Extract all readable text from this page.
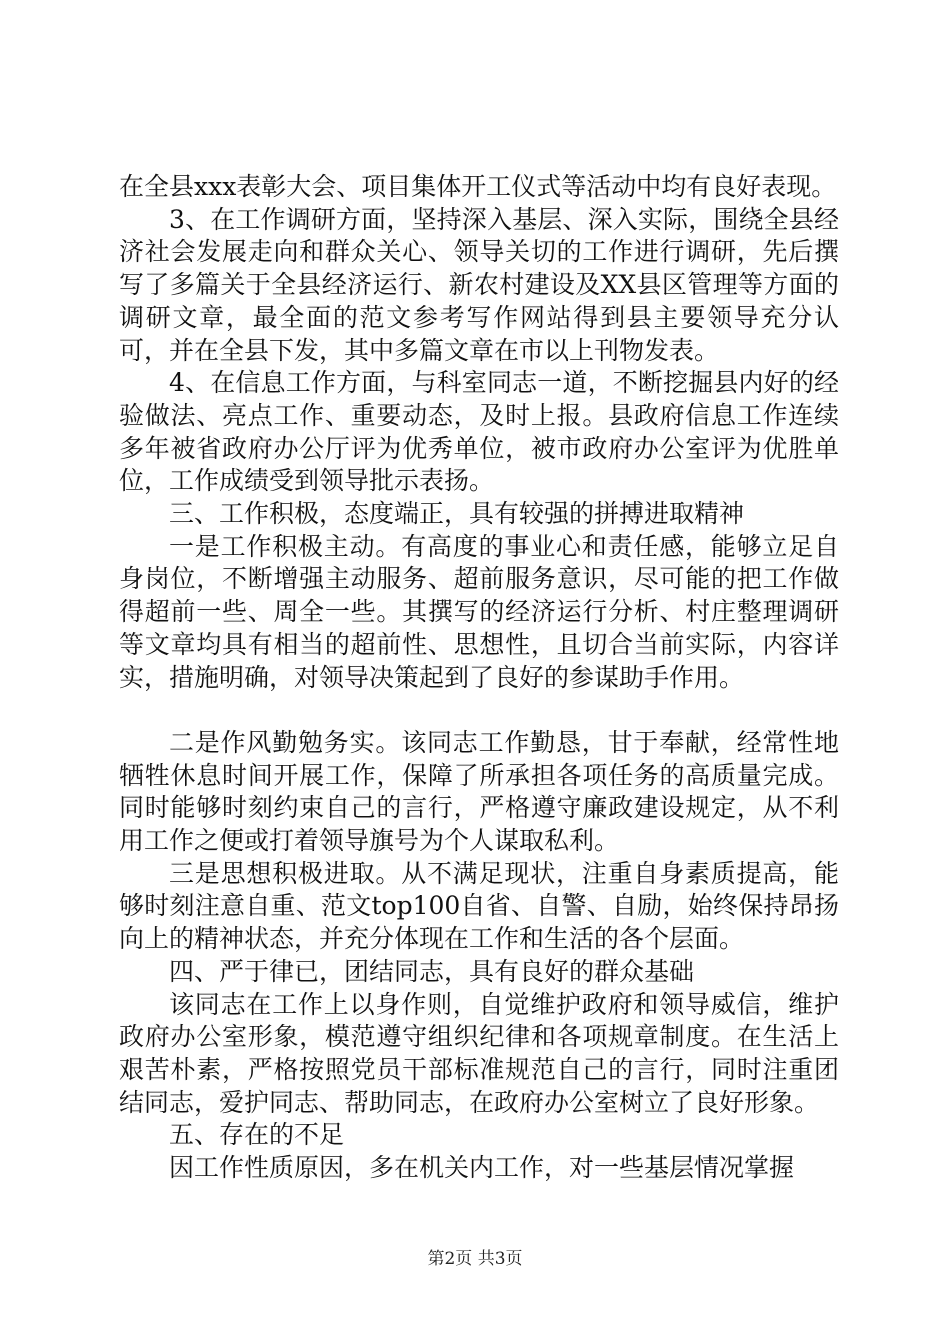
在全县xxx表彰大会、项目集体开工仪式等活动中均有良好表现。

3、在工作调研方面，坚持深入基层、深入实际，围绕全县经济社会发展走向和群众关心、领导关切的工作进行调研，先后撰写了多篇关于全县经济运行、新农村建设及XX县区管理等方面的调研文章，最全面的范文参考写作网站得到县主要领导充分认可，并在全县下发，其中多篇文章在市以上刊物发表。

4、在信息工作方面，与科室同志一道，不断挖掘县内好的经验做法、亮点工作、重要动态，及时上报。县政府信息工作连续多年被省政府办公厅评为优秀单位，被市政府办公室评为优胜单位，工作成绩受到领导批示表扬。

三、工作积极，态度端正，具有较强的拼搏进取精神

一是工作积极主动。有高度的事业心和责任感，能够立足自身岗位，不断增强主动服务、超前服务意识，尽可能的把工作做得超前一些、周全一些。其撰写的经济运行分析、村庄整理调研等文章均具有相当的超前性、思想性，且切合当前实际，内容详实，措施明确，对领导决策起到了良好的参谋助手作用。

二是作风勤勉务实。该同志工作勤恳，甘于奉献，经常性地牺牲休息时间开展工作，保障了所承担各项任务的高质量完成。同时能够时刻约束自己的言行，严格遵守廉政建设规定，从不利用工作之便或打着领导旗号为个人谋取私利。

三是思想积极进取。从不满足现状，注重自身素质提高，能够时刻注意自重、范文top100自省、自警、自励，始终保持昂扬向上的精神状态，并充分体现在工作和生活的各个层面。

四、严于律已，团结同志，具有良好的群众基础

该同志在工作上以身作则，自觉维护政府和领导威信，维护政府办公室形象，模范遵守组织纪律和各项规章制度。在生活上艰苦朴素，严格按照党员干部标准规范自己的言行，同时注重团结同志，爱护同志、帮助同志，在政府办公室树立了良好形象。

五、存在的不足

因工作性质原因，多在机关内工作，对一些基层情况掌握

第2页 共3页
